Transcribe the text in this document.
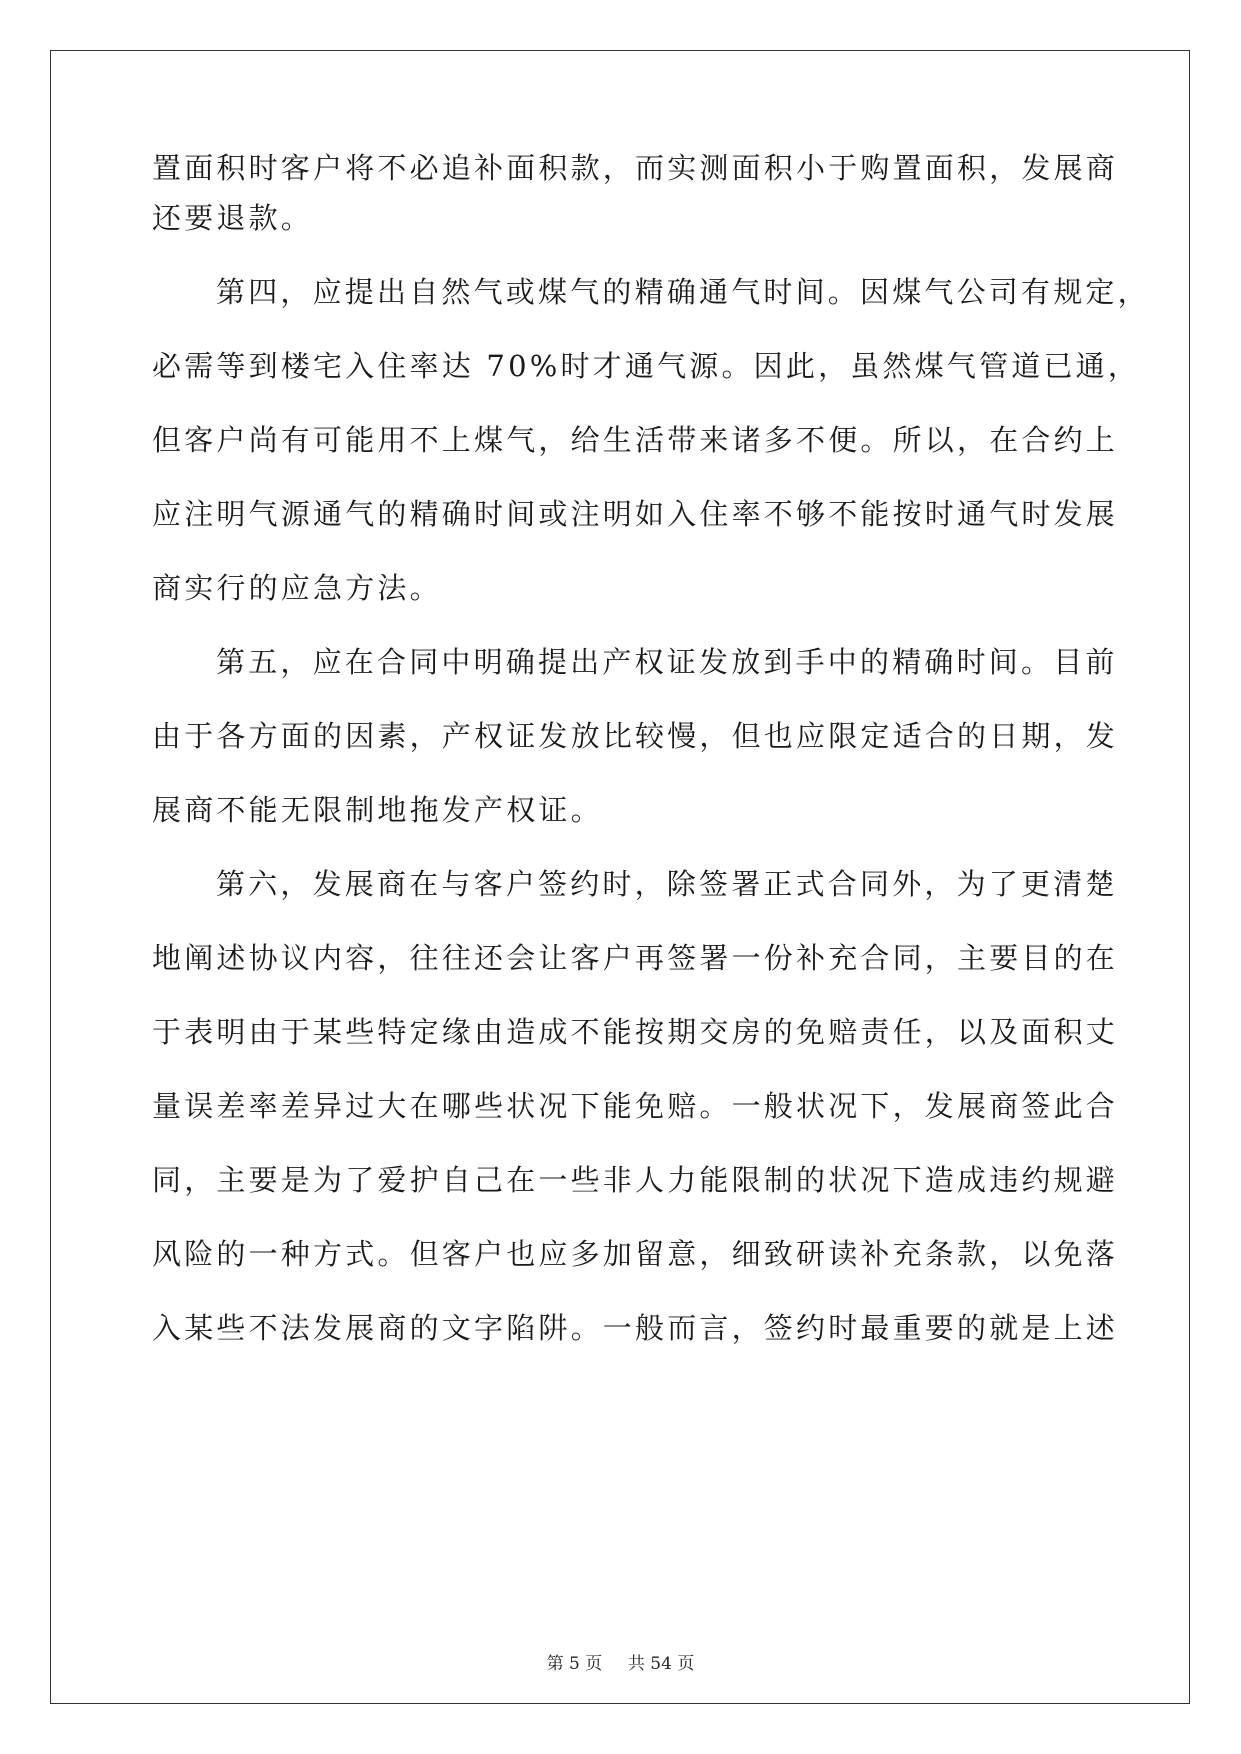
置面积时客户将不必追补面积款，而实测面积小于购置面积，发展商
还要退款。
第四，应提出自然气或煤气的精确通气时间。因煤气公司有规定，
必需等到楼宅入住率达 70%时才通气源。因此，虽然煤气管道已通，
但客户尚有可能用不上煤气，给生活带来诸多不便。所以，在合约上
应注明气源通气的精确时间或注明如入住率不够不能按时通气时发展
商实行的应急方法。
第五，应在合同中明确提出产权证发放到手中的精确时间。目前
由于各方面的因素，产权证发放比较慢，但也应限定适合的日期，发
展商不能无限制地拖发产权证。
第六，发展商在与客户签约时，除签署正式合同外，为了更清楚
地阐述协议内容，往往还会让客户再签署一份补充合同，主要目的在
于表明由于某些特定缘由造成不能按期交房的免赔责任，以及面积丈
量误差率差异过大在哪些状况下能免赔。一般状况下，发展商签此合
同，主要是为了爱护自己在一些非人力能限制的状况下造成违约规避
风险的一种方式。但客户也应多加留意，细致研读补充条款，以免落
入某些不法发展商的文字陷阱。一般而言，签约时最重要的就是上述
第 5 页 共 54 页
